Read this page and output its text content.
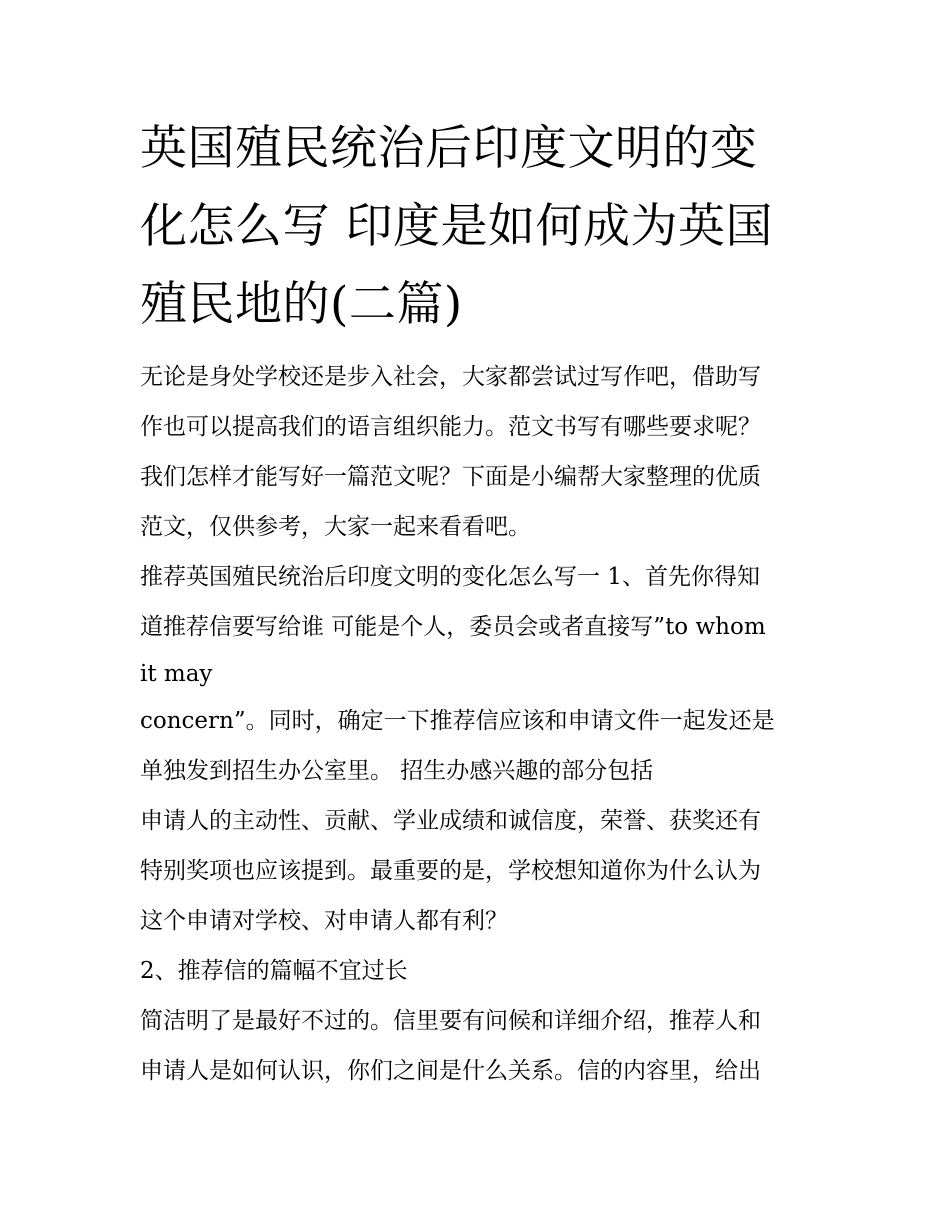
英国殖民统治后印度文明的变
化怎么写 印度是如何成为英国
殖民地的(二篇)
无论是身处学校还是步入社会，大家都尝试过写作吧，借助写
作也可以提高我们的语言组织能力。范文书写有哪些要求呢？
我们怎样才能写好一篇范文呢？下面是小编帮大家整理的优质
范文，仅供参考，大家一起来看看吧。
推荐英国殖民统治后印度文明的变化怎么写一 1、首先你得知
道推荐信要写给谁 可能是个人，委员会或者直接写”to whom
it may
concern”。同时，确定一下推荐信应该和申请文件一起发还是
单独发到招生办公室里。 招生办感兴趣的部分包括
申请人的主动性、贡献、学业成绩和诚信度，荣誉、获奖还有
特别奖项也应该提到。最重要的是，学校想知道你为什么认为
这个申请对学校、对申请人都有利？
2、推荐信的篇幅不宜过长
简洁明了是最好不过的。信里要有问候和详细介绍，推荐人和
申请人是如何认识，你们之间是什么关系。信的内容里，给出
